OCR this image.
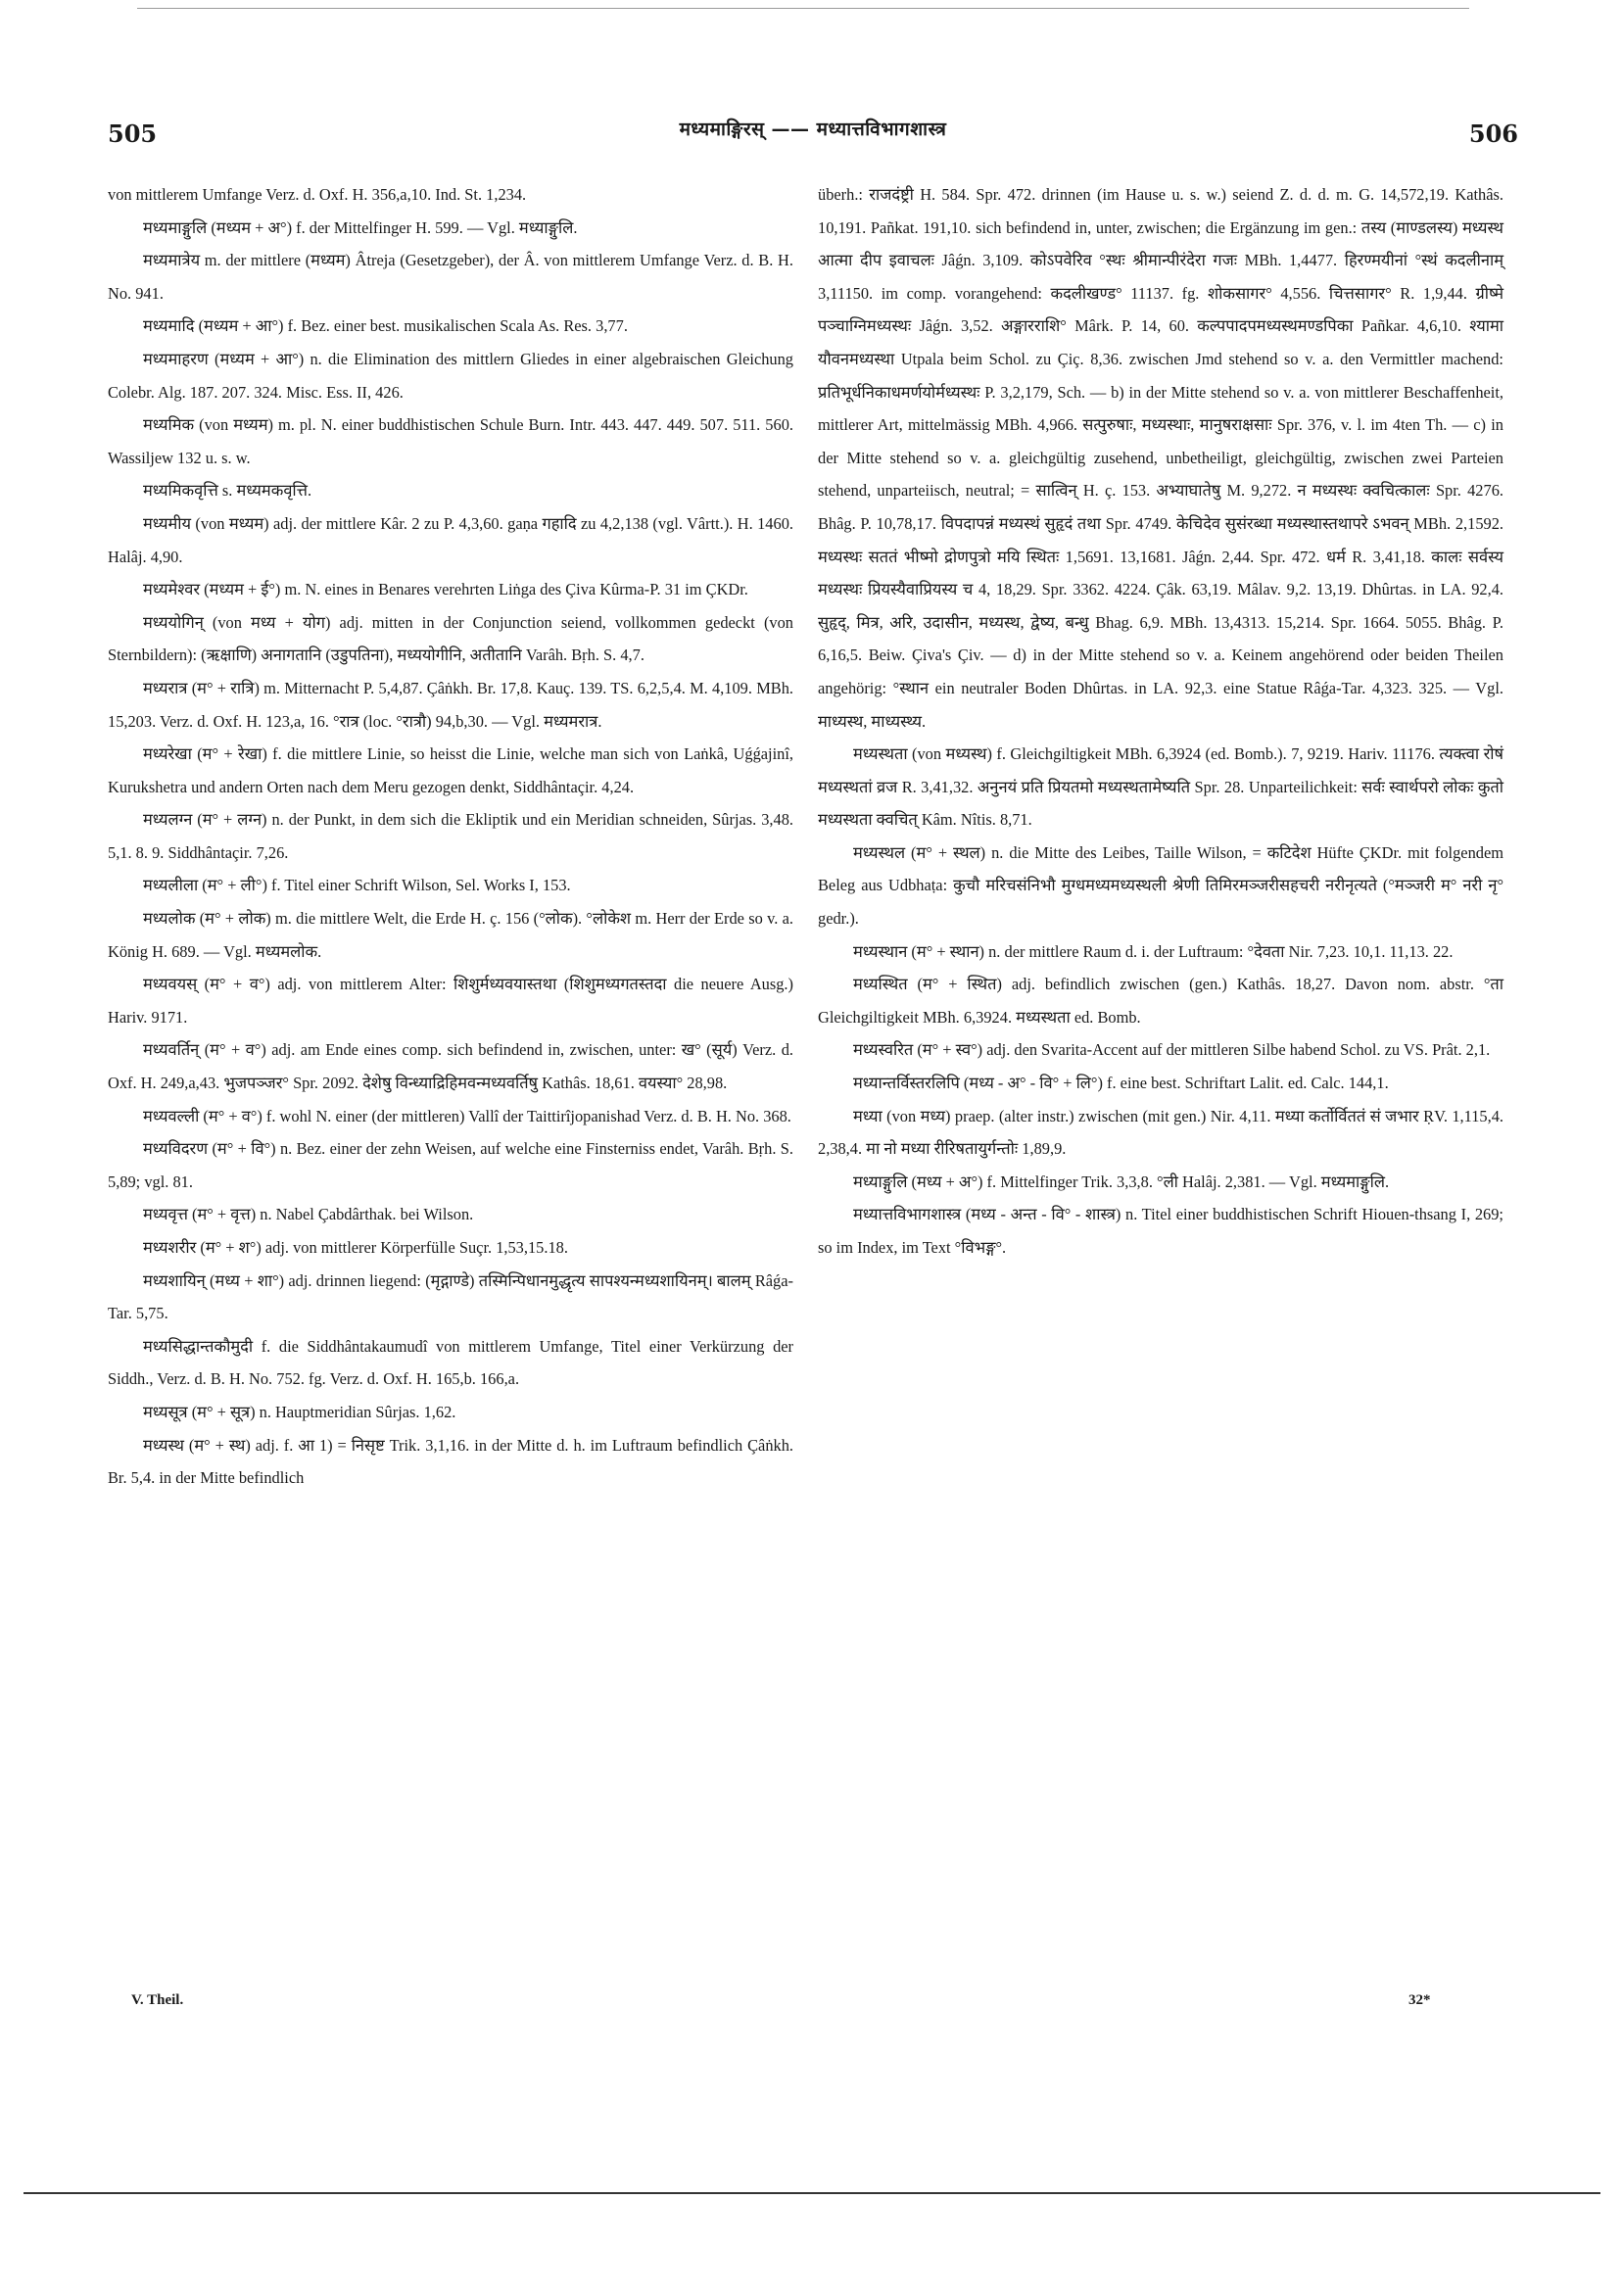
505	मध्यमाङ्गिरस् —— मध्यात्तविभागशास्त्र	506

von mittlerem Umfange Verz. d. Oxf. H. 356,a,10. Ind. St. 1,234.

मध्यमाङ्गुलि (मध्यम + अ°) f. der Mittelfinger H. 599. — Vgl. मध्याङ्गुलि.

मध्यमात्रेय m. der mittlere (मध्यम) Âtreja (Gesetzgeber), der Â. von mittlerem Umfange Verz. d. B. H. No. 941.

मध्यमादि (मध्यम + आ°) f. Bez. einer best. musikalischen Scala As. Res. 3,77.

मध्यमाहरण (मध्यम + आ°) n. die Elimination des mittlern Gliedes in einer algebraischen Gleichung Colebr. Alg. 187. 207. 324. Misc. Ess. II, 426.

मध्यमिक (von मध्यम) m. pl. N. einer buddhistischen Schule Burn. Intr. 443. 447. 449. 507. 511. 560. Wassiljew 132 u. s. w.

मध्यमिकवृत्ति s. मध्यमकवृत्ति.

मध्यमीय (von मध्यम) adj. der mittlere Kâr. 2 zu P. 4,3,60. gaṇa गहादि zu 4,2,138 (vgl. Vârtt.). H. 1460. Halâj. 4,90.

मध्यमेश्वर (मध्यम + ई°) m. N. eines in Benares verehrten Liṅga des Çiva Kûrma-P. 31 im ÇKDr.

मध्ययोगिन् (von मध्य + योग) adj. mitten in der Conjunction seiend, vollkommen gedeckt (von Sternbildern): (ऋक्षाणि) अनागतानि (उडुपतिना), मध्ययोगीनि, अतीतानि Varâh. Bṛh. S. 4,7.

मध्यरात्र (म° + रात्रि) m. Mitternacht P. 5,4,87. Çâṅkh. Br. 17,8. Kauç. 139. TS. 6,2,5,4. M. 4,109. MBh. 15,203. Verz. d. Oxf. H. 123,a, 16. °रात्र (loc. °रात्रौ) 94,b,30. — Vgl. मध्यमरात्र.

मध्यरेखा (म° + रेखा) f. die mittlere Linie, so heisst die Linie, welche man sich von Laṅkâ, Uǵǵajinî, Kurukshetra und andern Orten nach dem Meru gezogen denkt, Siddhântaçir. 4,24.

मध्यलग्न (म° + लग्न) n. der Punkt, in dem sich die Ekliptik und ein Meridian schneiden, Sûrjas. 3,48. 5,1. 8. 9. Siddhântaçir. 7,26.

मध्यलीला (म° + ली°) f. Titel einer Schrift Wilson, Sel. Works I, 153.

मध्यलोक (म° + लोक) m. die mittlere Welt, die Erde H. ç. 156 (°लोक). °लोकेश m. Herr der Erde so v. a. König H. 689. — Vgl. मध्यमलोक.

मध्यवयस् (म° + व°) adj. von mittlerem Alter: शिशुर्मध्यवयास्तथा (शिशुमध्यगतस्तदा die neuere Ausg.) Hariv. 9171.

मध्यवर्तिन् (म° + व°) adj. am Ende eines comp. sich befindend in, zwischen, unter: ख° (सूर्य) Verz. d. Oxf. H. 249,a,43. भुजपञ्जर° Spr. 2092. देशेषु विन्ध्याद्रिहिमवन्मध्यवर्तिषु Kathâs. 18,61. वयस्या° 28,98.

मध्यवल्ली (म° + व°) f. wohl N. einer (der mittleren) Vallî der Taittirîjopanishad Verz. d. B. H. No. 368.

मध्यविदरण (म° + वि°) n. Bez. einer der zehn Weisen, auf welche eine Finsterniss endet, Varâh. Bṛh. S. 5,89; vgl. 81.

मध्यवृत्त (म° + वृत्त) n. Nabel Çabdârthak. bei Wilson.

मध्यशरीर (म° + श°) adj. von mittlerer Körperfülle Suçr. 1,53,15.18.

मध्यशायिन् (मध्य + शा°) adj. drinnen liegend: (मृद्गाण्डे) तस्मिन्पिधानमुद्धृत्य सापश्यन्मध्यशायिनम्। बालम् Râǵa-Tar. 5,75.

मध्यसिद्धान्तकौमुदी f. die Siddhântakaumudî von mittlerem Umfange, Titel einer Verkürzung der Siddh., Verz. d. B. H. No. 752. fg. Verz. d. Oxf. H. 165,b. 166,a.

मध्यसूत्र (म° + सूत्र) n. Hauptmeridian Sûrjas. 1,62.

मध्यस्थ (म° + स्थ) adj. f. आ 1) = निसृष्ट Trik. 3,1,16. in der Mitte d. h. im Luftraum befindlich Çâṅkh. Br. 5,4. in der Mitte befindlich

überh.: राजदंष्ट्री H. 584. Spr. 472. drinnen (im Hause u. s. w.) seiend Z. d. d. m. G. 14,572,19. Kathâs. 10,191. Pañkat. 191,10. sich befindend in, unter, zwischen; die Ergänzung im gen.: तस्य (माण्डलस्य) मध्यस्थ आत्मा दीप इवाचलः Jâǵn. 3,109. कोऽपवेरिव °स्थः श्रीमान्पीरंदेरा गजः MBh. 1,4477. हिरण्मयीनां °स्थं कदलीनाम् 3,11150. im comp. vorangehend: कदलीखण्ड° 11137. fg. शोकसागर° 4,556. चित्तसागर° R. 1,9,44. ग्रीष्मे पञ्चाग्निमध्यस्थः Jâǵn. 3,52. अङ्गारराशि° Mârk. P. 14, 60. कल्पपादपमध्यस्थमण्डपिका Pañkar. 4,6,10. श्यामा यौवनमध्यस्था Utpala beim Schol. zu Çiç. 8,36. zwischen Jmd stehend so v. a. den Vermittler machend: प्रतिभूर्धनिकाधमर्णयोर्मध्यस्थः P. 3,2,179, Sch. — b) in der Mitte stehend so v. a. von mittlerer Beschaffenheit, mittlerer Art, mittelmässig MBh. 4,966. सत्पुरुषाः, मध्यस्थाः, मानुषराक्षसाः Spr. 376, v. l. im 4ten Th. — c) in der Mitte stehend so v. a. gleichgültig zusehend, unbetheiligt, gleichgültig, zwischen zwei Parteien stehend, unparteiisch, neutral; = सात्विन् H. ç. 153. अभ्याघातेषु M. 9,272. न मध्यस्थः क्वचित्कालः Spr. 4276. Bhâg. P. 10,78,17. विपदापन्नं मध्यस्थं सुहृदं तथा Spr. 4749. केचिदेव सुसंरब्धा मध्यस्थास्तथापरे ऽभवन् MBh. 2,1592. मध्यस्थः सततं भीष्मो द्रोणपुत्रो मयि स्थितः 1,5691. 13,1681. Jâǵn. 2,44. Spr. 472. धर्म R. 3,41,18. कालः सर्वस्य मध्यस्थः प्रियस्यैवाप्रियस्य च 4, 18,29. Spr. 3362. 4224. Çâk. 63,19. Mâlav. 9,2. 13,19. Dhûrtas. in LA. 92,4. सुहृद्, मित्र, अरि, उदासीन, मध्यस्थ, द्वेष्य, बन्धु Bhag. 6,9. MBh. 13,4313. 15,214. Spr. 1664. 5055. Bhâg. P. 6,16,5. Beiw. Çiva's Çiv. — d) in der Mitte stehend so v. a. Keinem angehörend oder beiden Theilen angehörig: °स्थान ein neutraler Boden Dhûrtas. in LA. 92,3. eine Statue Râǵa-Tar. 4,323. 325. — Vgl. माध्यस्थ, माध्यस्थ्य.

मध्यस्थता (von मध्यस्थ) f. Gleichgiltigkeit MBh. 6,3924 (ed. Bomb.). 7, 9219. Hariv. 11176. त्यक्त्वा रोषं मध्यस्थतां व्रज R. 3,41,32. अनुनयं प्रति प्रियतमो मध्यस्थतामेष्यति Spr. 28. Unparteilichkeit: सर्वः स्वार्थपरो लोकः कुतो मध्यस्थता क्वचित् Kâm. Nîtis. 8,71.

मध्यस्थल (म° + स्थल) n. die Mitte des Leibes, Taille Wilson, = कटिदेश Hüfte ÇKDr. mit folgendem Beleg aus Udbhaṭa: कुचौ मरिचसंनिभौ मुग्धमध्यमध्यस्थली श्रेणी तिमिरमञ्जरीसहचरी नरीनृत्यते (°मञ्जरी म° नरी नृ° gedr.).

मध्यस्थान (म° + स्थान) n. der mittlere Raum d. i. der Luftraum: °देवता Nir. 7,23. 10,1. 11,13. 22.

मध्यस्थित (म° + स्थित) adj. befindlich zwischen (gen.) Kathâs. 18,27. Davon nom. abstr. °ता Gleichgiltigkeit MBh. 6,3924. मध्यस्थता ed. Bomb.

मध्यस्वरित (म° + स्व°) adj. den Svarita-Accent auf der mittleren Silbe habend Schol. zu VS. Prât. 2,1.

मध्यान्तर्विस्तरलिपि (मध्य - अ° - वि° + लि°) f. eine best. Schriftart Lalit. ed. Calc. 144,1.

मध्या (von मध्य) praep. (alter instr.) zwischen (mit gen.) Nir. 4,11. मध्या कर्तोर्विततं सं जभार ṚV. 1,115,4. 2,38,4. मा नो मध्या रीरिषतायुर्गन्तोः 1,89,9.

मध्याङ्गुलि (मध्य + अ°) f. Mittelfinger Trik. 3,3,8. °ली Halâj. 2,381. — Vgl. मध्यमाङ्गुलि.

मध्यात्तविभागशास्त्र (मध्य - अन्त - वि° - शास्त्र) n. Titel einer buddhistischen Schrift Hiouen-thsang I, 269; so im Index, im Text °विभङ्ग°.

V. Theil.	32*
